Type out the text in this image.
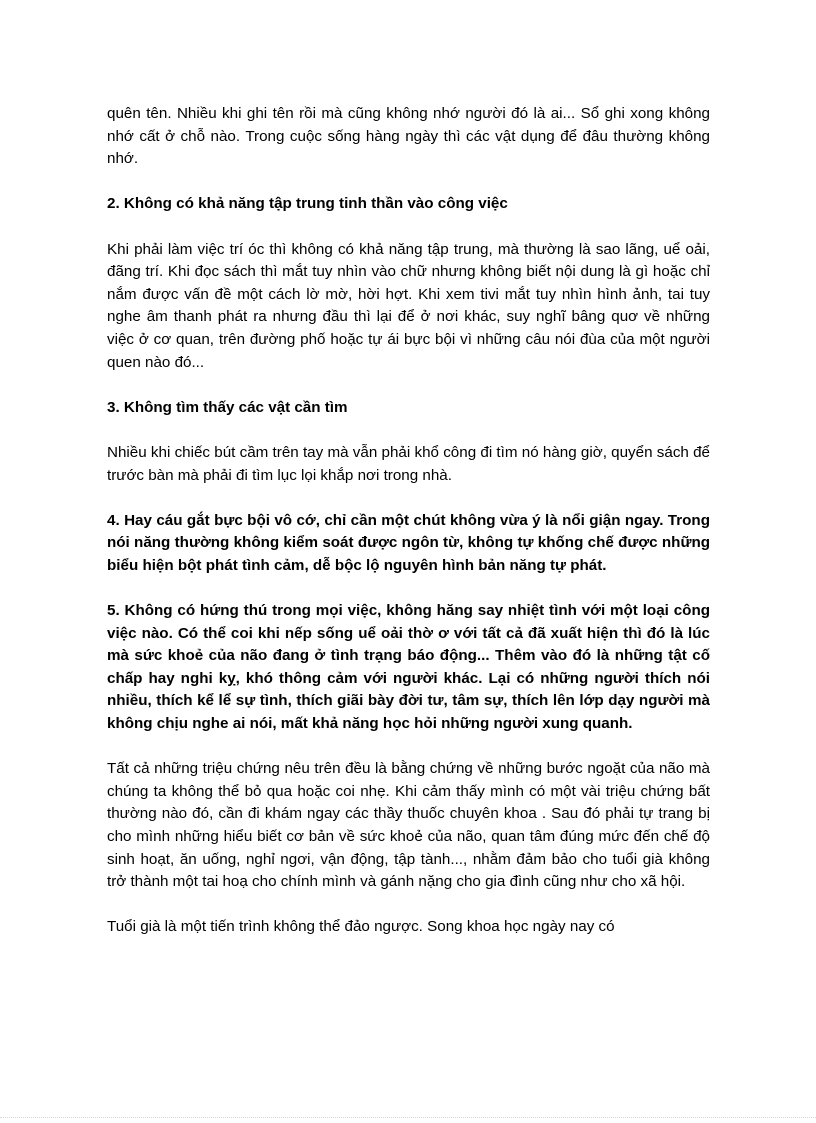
quên tên. Nhiều khi ghi tên rồi mà cũng không nhớ người đó là ai... Sổ ghi xong không nhớ cất ở chỗ nào. Trong cuộc sống hàng ngày thì các vật dụng để đâu thường không nhớ.

2. Không có khả năng tập trung tinh thần vào công việc

Khi phải làm việc trí óc thì không có khả năng tập trung, mà thường là sao lãng, uể oải, đãng trí. Khi đọc sách thì mắt tuy nhìn vào chữ nhưng không biết nội dung là gì hoặc chỉ nắm được vấn đề một cách lờ mờ, hời hợt. Khi xem tivi mắt tuy nhìn hình ảnh, tai tuy nghe âm thanh phát ra nhưng đầu thì lại để ở nơi khác, suy nghĩ bâng quơ về những việc ở cơ quan, trên đường phố hoặc tự ái bực bội vì những câu nói đùa của một người quen nào đó...

3. Không tìm thấy các vật cần tìm

Nhiều khi chiếc bút cầm trên tay mà vẫn phải khổ công đi tìm nó hàng giờ, quyển sách để trước bàn mà phải đi tìm lục lọi khắp nơi trong nhà.

4. Hay cáu gắt bực bội vô cớ, chỉ cần một chút không vừa ý là nổi giận ngay. Trong nói năng thường không kiểm soát được ngôn từ, không tự khống chế được những biểu hiện bột phát tình cảm, dễ bộc lộ nguyên hình bản năng tự phát.

5. Không có hứng thú trong mọi việc, không hăng say nhiệt tình với một loại công việc nào. Có thể coi khi nếp sống uể oải thờ ơ với tất cả đã xuất hiện thì đó là lúc mà sức khoẻ của não đang ở tình trạng báo động... Thêm vào đó là những tật cố chấp hay nghi kỵ, khó thông cảm với người khác. Lại có những người thích nói nhiều, thích kể lể sự tình, thích giãi bày đời tư, tâm sự, thích lên lớp dạy người mà không chịu nghe ai nói, mất khả năng học hỏi những người xung quanh.

Tất cả những triệu chứng nêu trên đều là bằng chứng về những bước ngoặt của não mà chúng ta không thể bỏ qua hoặc coi nhẹ. Khi cảm thấy mình có một vài triệu chứng bất thường nào đó, cần đi khám ngay các thầy thuốc chuyên khoa . Sau đó phải tự trang bị cho mình những hiểu biết cơ bản về sức khoẻ của não, quan tâm đúng mức đến chế độ sinh hoạt, ăn uống, nghỉ ngơi, vận động, tập tành..., nhằm đảm bảo cho tuổi già không trở thành một tai hoạ cho chính mình và gánh nặng cho gia đình cũng như cho xã hội.

Tuổi già là một tiến trình không thể đảo ngược. Song khoa học ngày nay có
